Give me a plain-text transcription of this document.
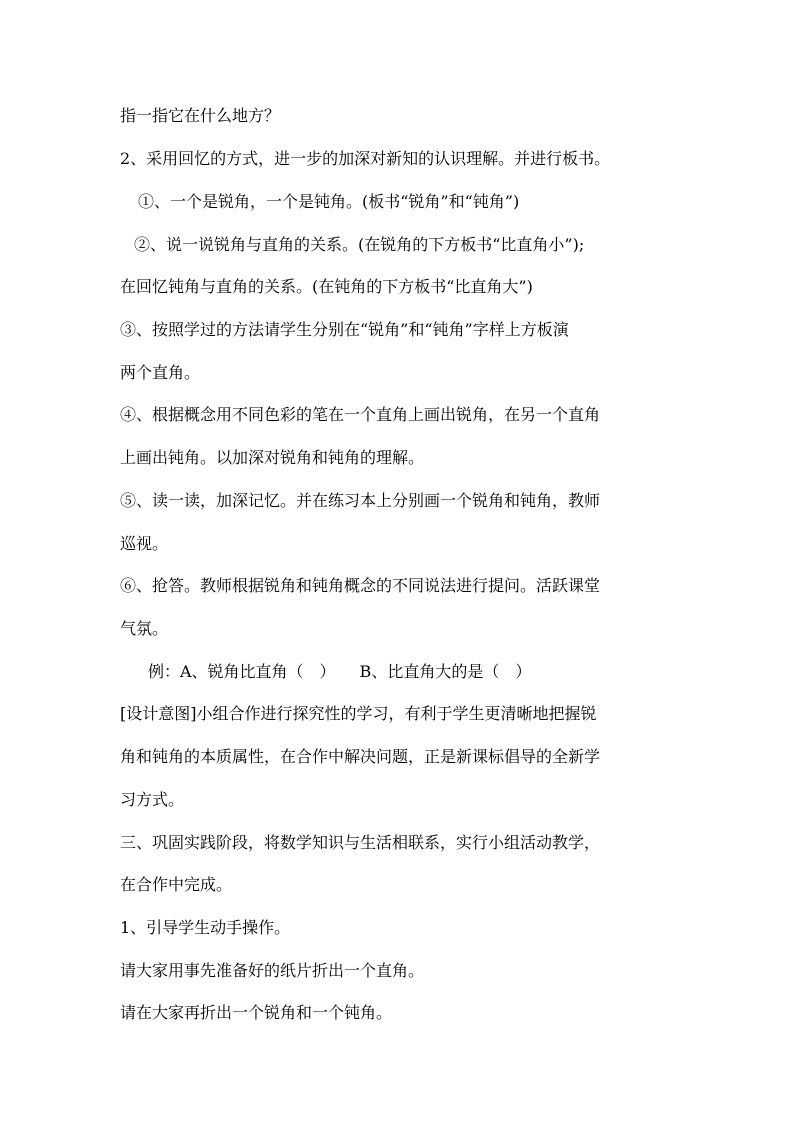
指一指它在什么地方？
2、采用回忆的方式，进一步的加深对新知的认识理解。并进行板书。
①、一个是锐角，一个是钝角。(板书“锐角”和“钝角”)
②、说一说锐角与直角的关系。(在锐角的下方板书“比直角小”);
在回忆钝角与直角的关系。(在钝角的下方板书“比直角大”)
③、按照学过的方法请学生分别在“锐角”和“钝角”字样上方板演
两个直角。
④、根据概念用不同色彩的笔在一个直角上画出锐角，在另一个直角
上画出钝角。以加深对锐角和钝角的理解。
⑤、读一读，加深记忆。并在练习本上分别画一个锐角和钝角，教师
巡视。
⑥、抢答。教师根据锐角和钝角概念的不同说法进行提问。活跃课堂
气氛。
例：A、锐角比直角（　）　　B、比直角大的是（　）
[设计意图]小组合作进行探究性的学习，有利于学生更清晰地把握锐
角和钝角的本质属性，在合作中解决问题，正是新课标倡导的全新学
习方式。
三、巩固实践阶段，将数学知识与生活相联系，实行小组活动教学，
在合作中完成。
1、引导学生动手操作。
请大家用事先准备好的纸片折出一个直角。
请在大家再折出一个锐角和一个钝角。
